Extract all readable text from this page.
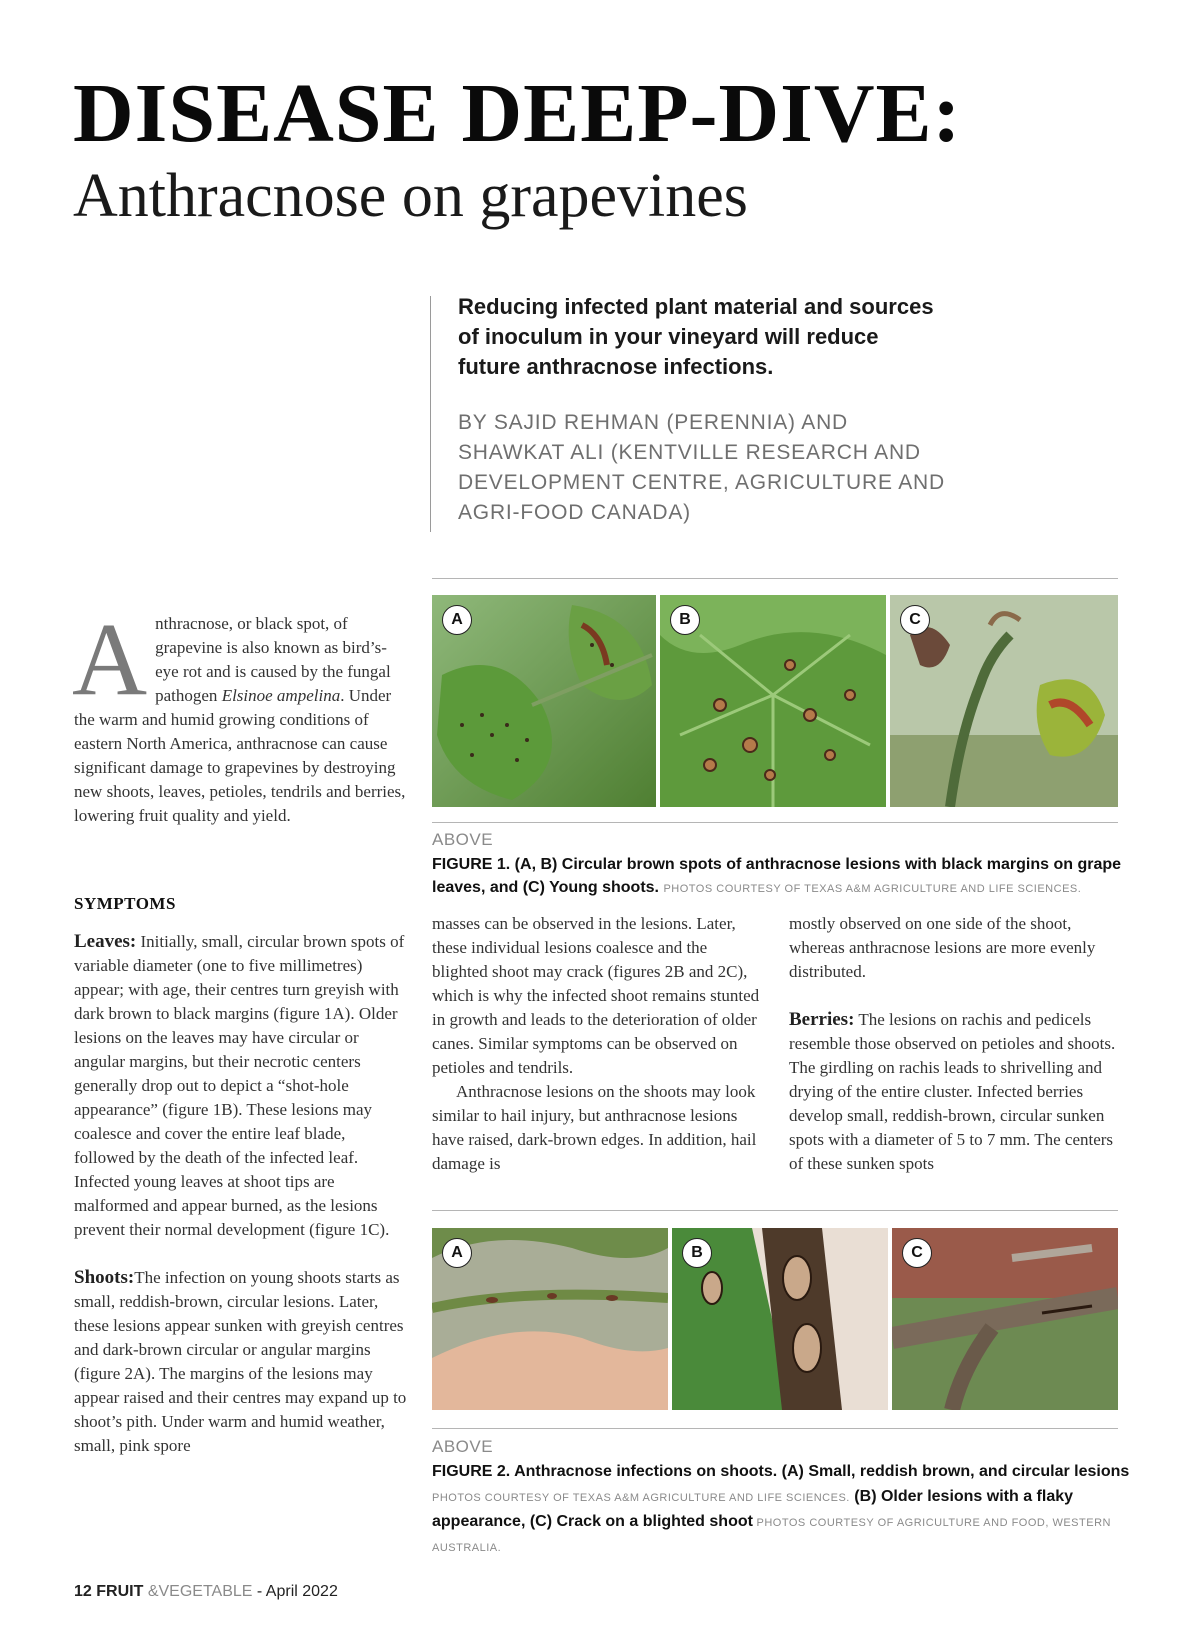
DISEASE DEEP-DIVE:
Anthracnose on grapevines

Reducing infected plant material and sources of inoculum in your vineyard will reduce future anthracnose infections.

BY SAJID REHMAN (PERENNIA) AND SHAWKAT ALI (KENTVILLE RESEARCH AND DEVELOPMENT CENTRE, AGRICULTURE AND AGRI-FOOD CANADA)

Anthracnose, or black spot, of grapevine is also known as bird’s-eye rot and is caused by the fungal pathogen Elsinoe ampelina. Under the warm and humid growing conditions of eastern North America, anthracnose can cause significant damage to grapevines by destroying new shoots, leaves, petioles, tendrils and berries, lowering fruit quality and yield.

SYMPTOMS

Leaves: Initially, small, circular brown spots of variable diameter (one to five millimetres) appear; with age, their centres turn greyish with dark brown to black margins (figure 1A). Older lesions on the leaves may have circular or angular margins, but their necrotic centers generally drop out to depict a “shot-hole appearance” (figure 1B). These lesions may coalesce and cover the entire leaf blade, followed by the death of the infected leaf. Infected young leaves at shoot tips are malformed and appear burned, as the lesions prevent their normal development (figure 1C).

Shoots:The infection on young shoots starts as small, reddish-brown, circular lesions. Later, these lesions appear sunken with greyish centres and dark-brown circular or angular margins (figure 2A). The margins of the lesions may appear raised and their centres may expand up to shoot’s pith. Under warm and humid weather, small, pink spore

masses can be observed in the lesions. Later, these individual lesions coalesce and the blighted shoot may crack (figures 2B and 2C), which is why the infected shoot remains stunted in growth and leads to the deterioration of older canes. Similar symptoms can be observed on petioles and tendrils.

Anthracnose lesions on the shoots may look similar to hail injury, but anthracnose lesions have raised, dark-brown edges. In addition, hail damage is

mostly observed on one side of the shoot, whereas anthracnose lesions are more evenly distributed.

Berries: The lesions on rachis and pedicels resemble those observed on petioles and shoots. The girdling on rachis leads to shrivelling and drying of the entire cluster. Infected berries develop small, reddish-brown, circular sunken spots with a diameter of 5 to 7 mm. The centers of these sunken spots

A	B	C

ABOVE

FIGURE 1. (A, B) Circular brown spots of anthracnose lesions with black margins on grape leaves, and (C) Young shoots. PHOTOS COURTESY OF TEXAS A&M AGRICULTURE AND LIFE SCIENCES.

A	B	C

ABOVE

FIGURE 2. Anthracnose infections on shoots. (A) Small, reddish brown, and circular lesions PHOTOS COURTESY OF TEXAS A&M AGRICULTURE AND LIFE SCIENCES. (B) Older lesions with a flaky appearance, (C) Crack on a blighted shoot PHOTOS COURTESY OF AGRICULTURE AND FOOD, WESTERN AUSTRALIA.

12 FRUIT &VEGETABLE - April 2022
